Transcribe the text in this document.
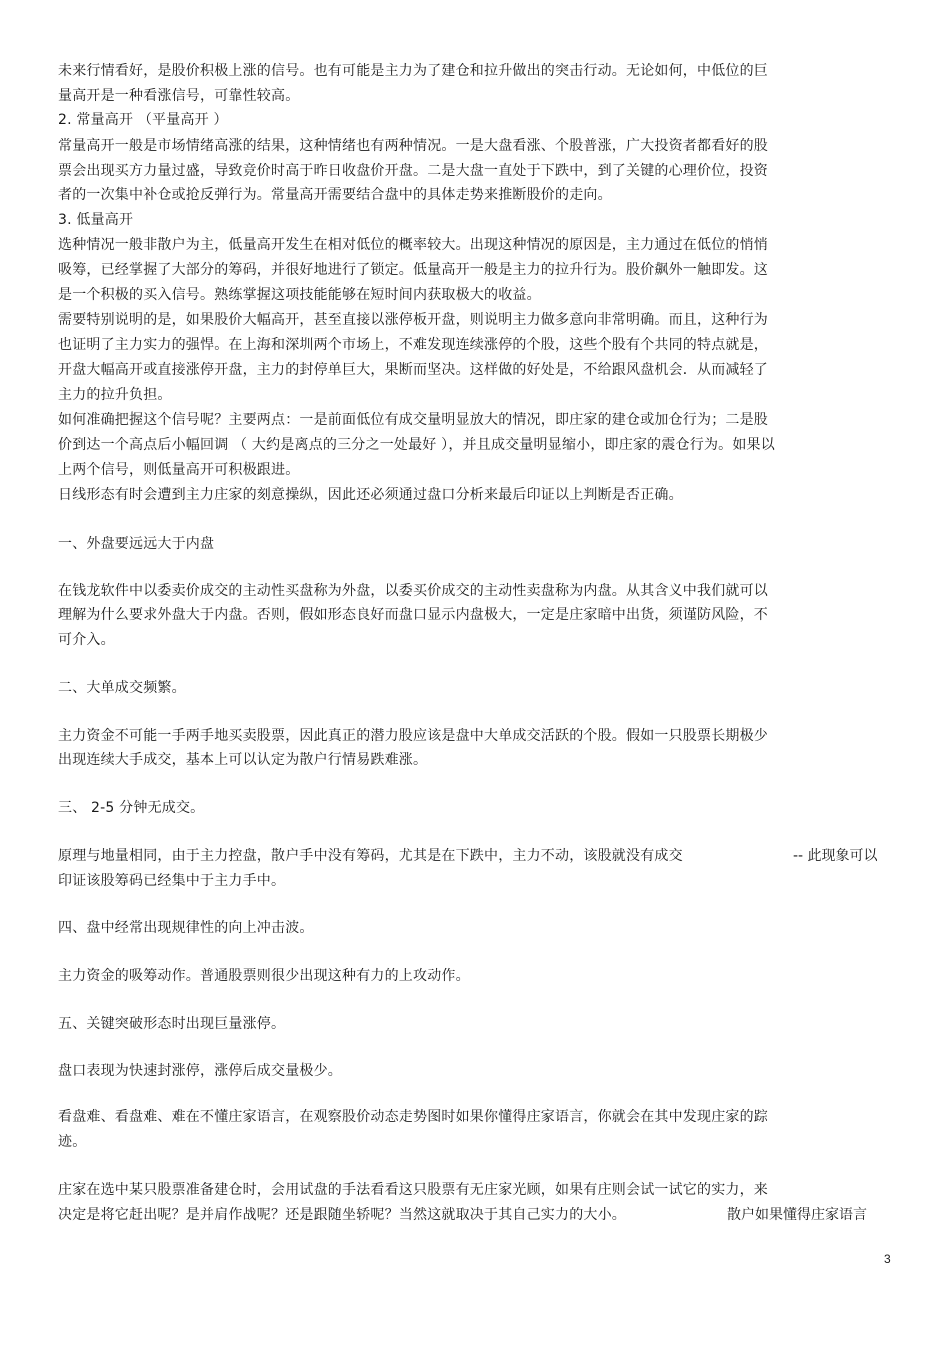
未来行情看好，是股价积极上涨的信号。也有可能是主力为了建仓和拉升做出的突击行动。无论如何，中低位的巨
量高开是一种看涨信号，可靠性较高。
2. 常量高开 （平量高开 ）
常量高开一般是市场情绪高涨的结果，这种情绪也有两种情况。一是大盘看涨、个股普涨，广大投资者都看好的股
票会出现买方力量过盛，导致竞价时高于昨日收盘价开盘。二是大盘一直处于下跌中，到了关键的心理价位，投资
者的一次集中补仓或抢反弹行为。常量高开需要结合盘中的具体走势来推断股价的走向。
3. 低量高开
选种情况一般非散户为主，低量高开发生在相对低位的概率较大。出现这种情况的原因是，主力通过在低位的悄悄
吸筹，已经掌握了大部分的筹码，并很好地进行了锁定。低量高开一般是主力的拉升行为。股价飙外一触即发。这
是一个积极的买入信号。熟练掌握这项技能能够在短时间内获取极大的收益。
需要特别说明的是，如果股价大幅高开，甚至直接以涨停板开盘，则说明主力做多意向非常明确。而且，这种行为
也证明了主力实力的强悍。在上海和深圳两个市场上，不难发现连续涨停的个股，这些个股有个共同的特点就是，
开盘大幅高开或直接涨停开盘，主力的封停单巨大，果断而坚决。这样做的好处是，不给跟风盘机会．从而减轻了
主力的拉升负担。
如何准确把握这个信号呢？主要两点：一是前面低位有成交量明显放大的情况，即庄家的建仓或加仓行为；二是股
价到达一个高点后小幅回调 （ 大约是离点的三分之一处最好 ），并且成交量明显缩小，即庄家的震仓行为。如果以
上两个信号，则低量高开可积极跟进。
日线形态有时会遭到主力庄家的刻意操纵，因此还必须通过盘口分析来最后印证以上判断是否正确。
一、外盘要远远大于内盘
在钱龙软件中以委卖价成交的主动性买盘称为外盘，以委买价成交的主动性卖盘称为内盘。从其含义中我们就可以
理解为什么要求外盘大于内盘。否则，假如形态良好而盘口显示内盘极大，一定是庄家暗中出货，须谨防风险，不
可介入。
二、大单成交频繁。
主力资金不可能一手两手地买卖股票，因此真正的潜力股应该是盘中大单成交活跃的个股。假如一只股票长期极少
出现连续大手成交，基本上可以认定为散户行情易跌难涨。
三、 2-5 分钟无成交。
原理与地量相同，由于主力控盘，散户手中没有筹码，尤其是在下跌中，主力不动，该股就没有成交	-- 此现象可以
印证该股筹码已经集中于主力手中。
四、盘中经常出现规律性的向上冲击波。
主力资金的吸筹动作。普通股票则很少出现这种有力的上攻动作。
五、关键突破形态时出现巨量涨停。
盘口表现为快速封涨停，涨停后成交量极少。
看盘难、看盘难、难在不懂庄家语言，在观察股价动态走势图时如果你懂得庄家语言，你就会在其中发现庄家的踪
迹。
庄家在选中某只股票准备建仓时，会用试盘的手法看看这只股票有无庄家光顾，如果有庄则会试一试它的实力，来
决定是将它赶出呢？是并肩作战呢？还是跟随坐轿呢？当然这就取决于其自己实力的大小。	散户如果懂得庄家语言
3
